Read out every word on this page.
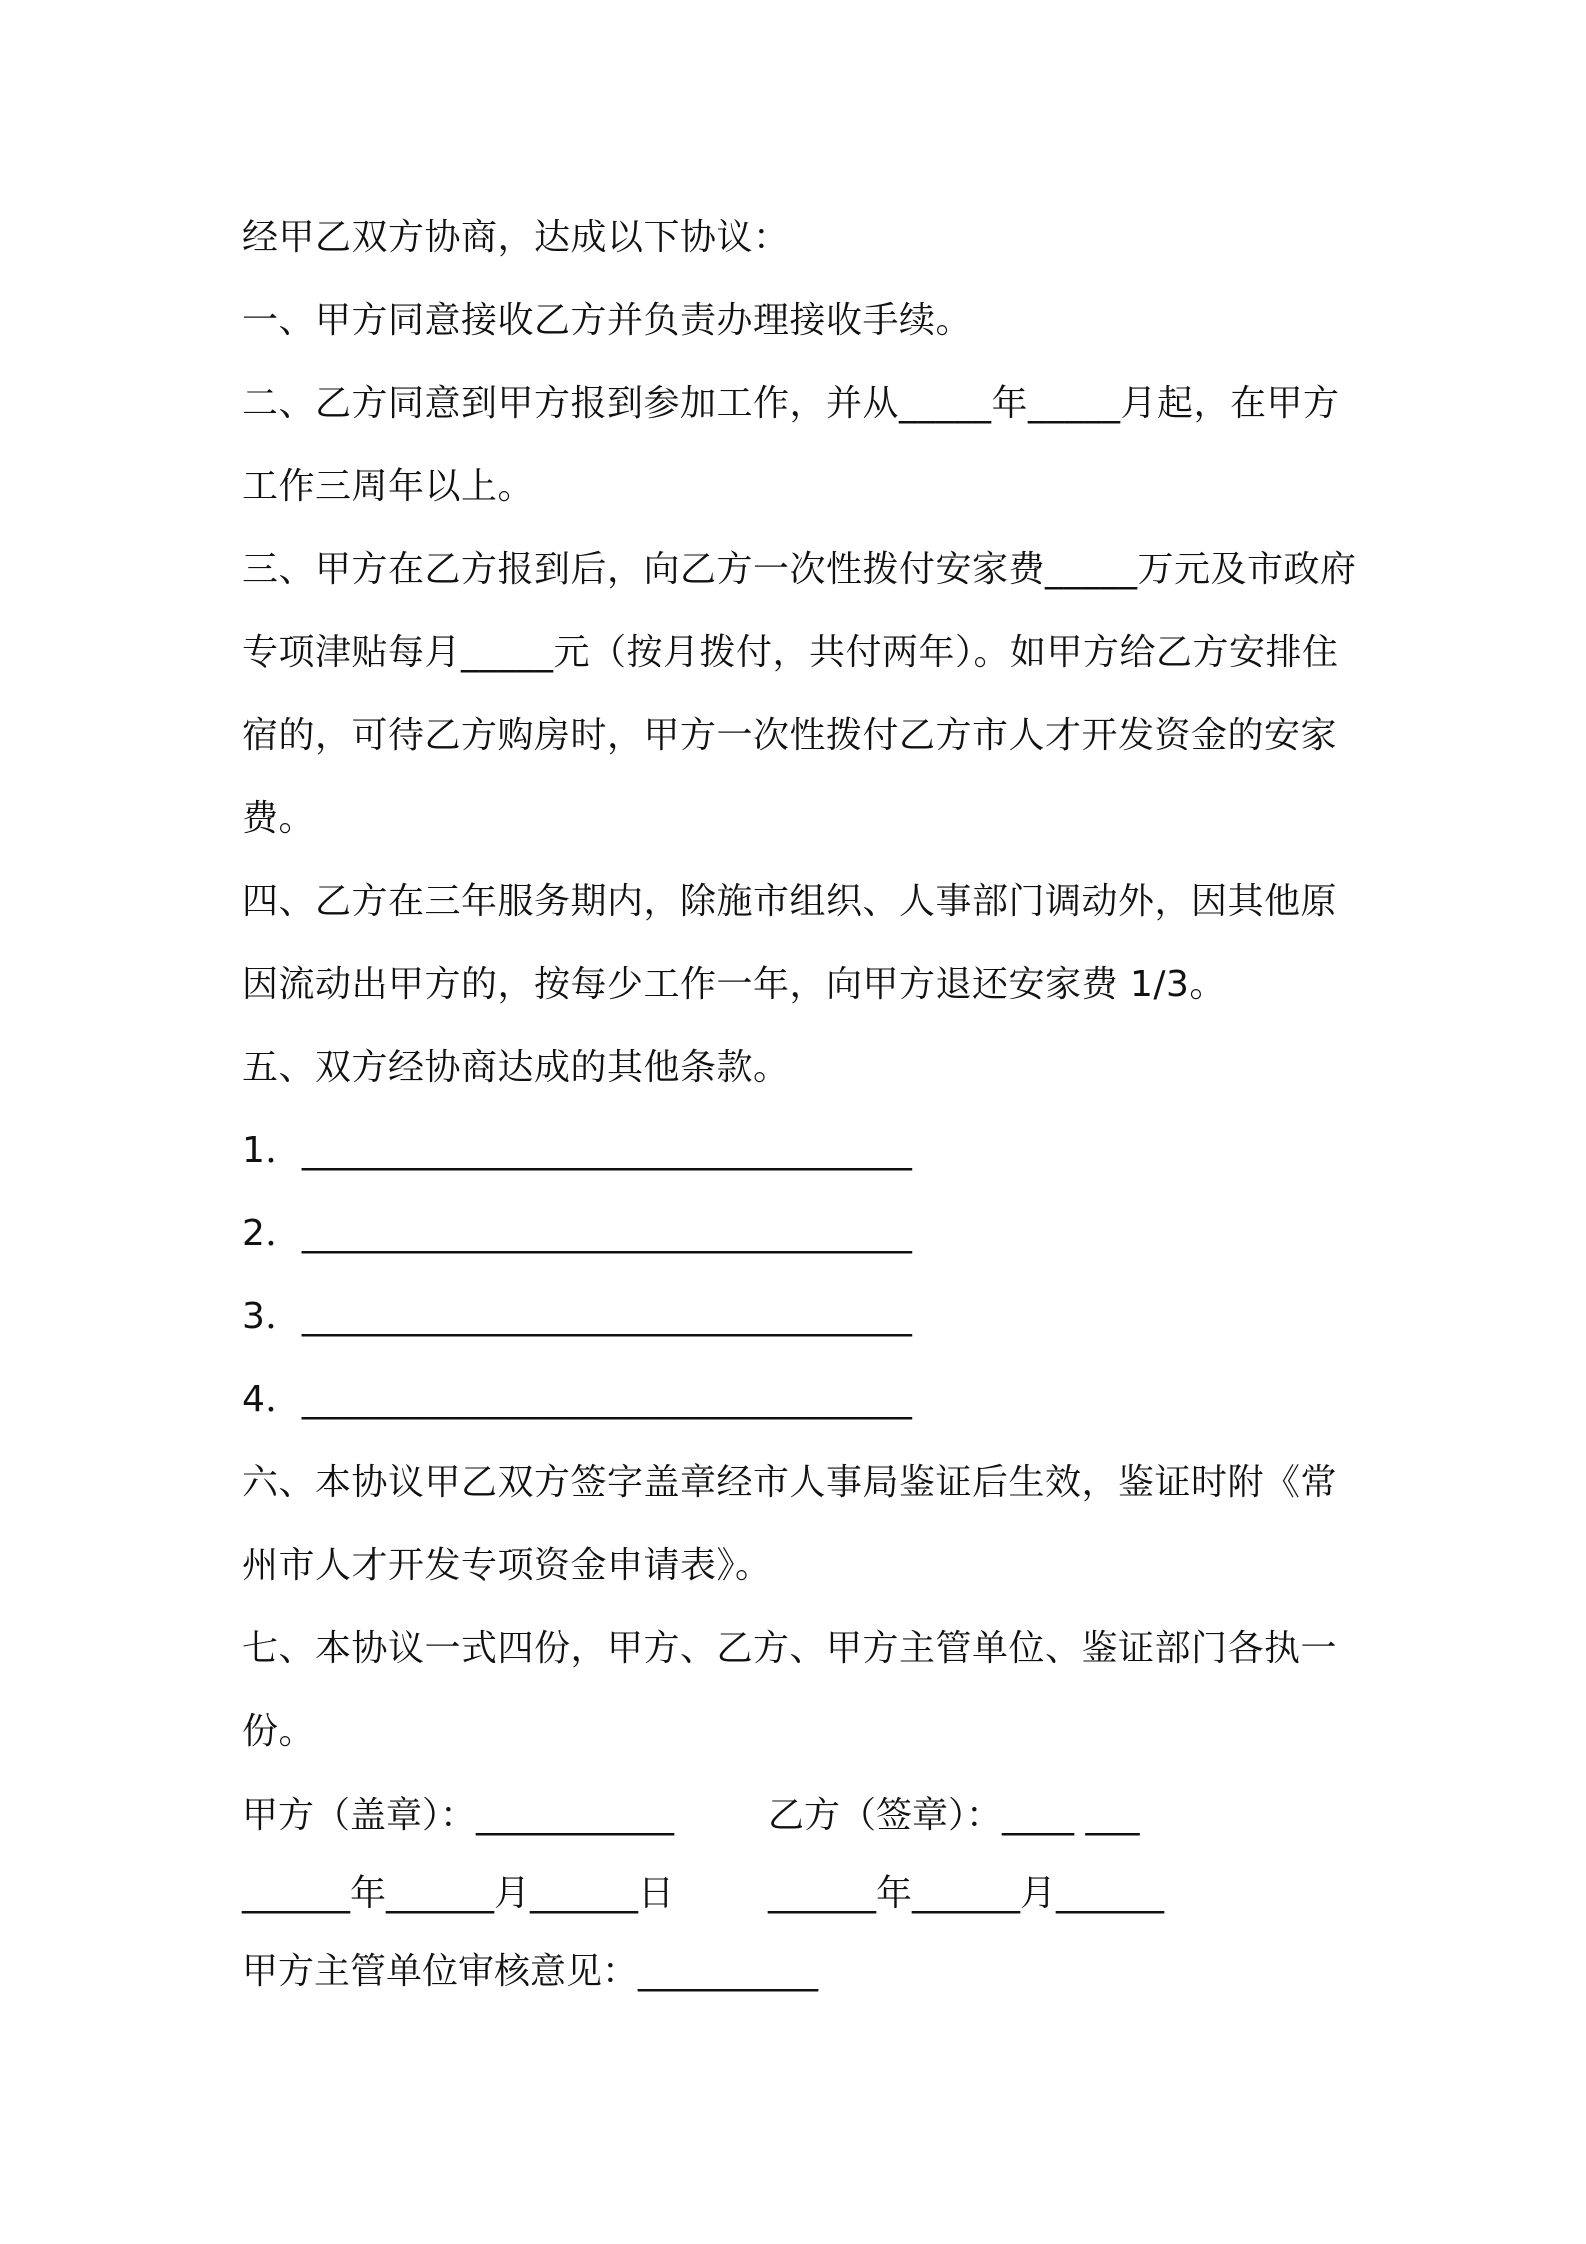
经甲乙双方协商，达成以下协议：

一、甲方同意接收乙方并负责办理接收手续。

二、乙方同意到甲方报到参加工作，并从_____年_____月起，在甲方工作三周年以上。

三、甲方在乙方报到后，向乙方一次性拨付安家费_____万元及市政府专项津贴每月_____元（按月拨付，共付两年）。如甲方给乙方安排住宿的，可待乙方购房时，甲方一次性拨付乙方市人才开发资金的安家费。

四、乙方在三年服务期内，除施市组织、人事部门调动外，因其他原因流动出甲方的，按每少工作一年，向甲方退还安家费 1/3。

五、双方经协商达成的其他条款。

1．_________________________________

2．_________________________________

3．_________________________________

4．_________________________________

六、本协议甲乙双方签字盖章经市人事局鉴证后生效，鉴证时附《常州市人才开发专项资金申请表》。

七、本协议一式四份，甲方、乙方、甲方主管单位、鉴证部门各执一份。

甲方（盖章）：___________	乙方（签章）：____ ___
______年______月______日	______年______月______
甲方主管单位审核意见：__________
